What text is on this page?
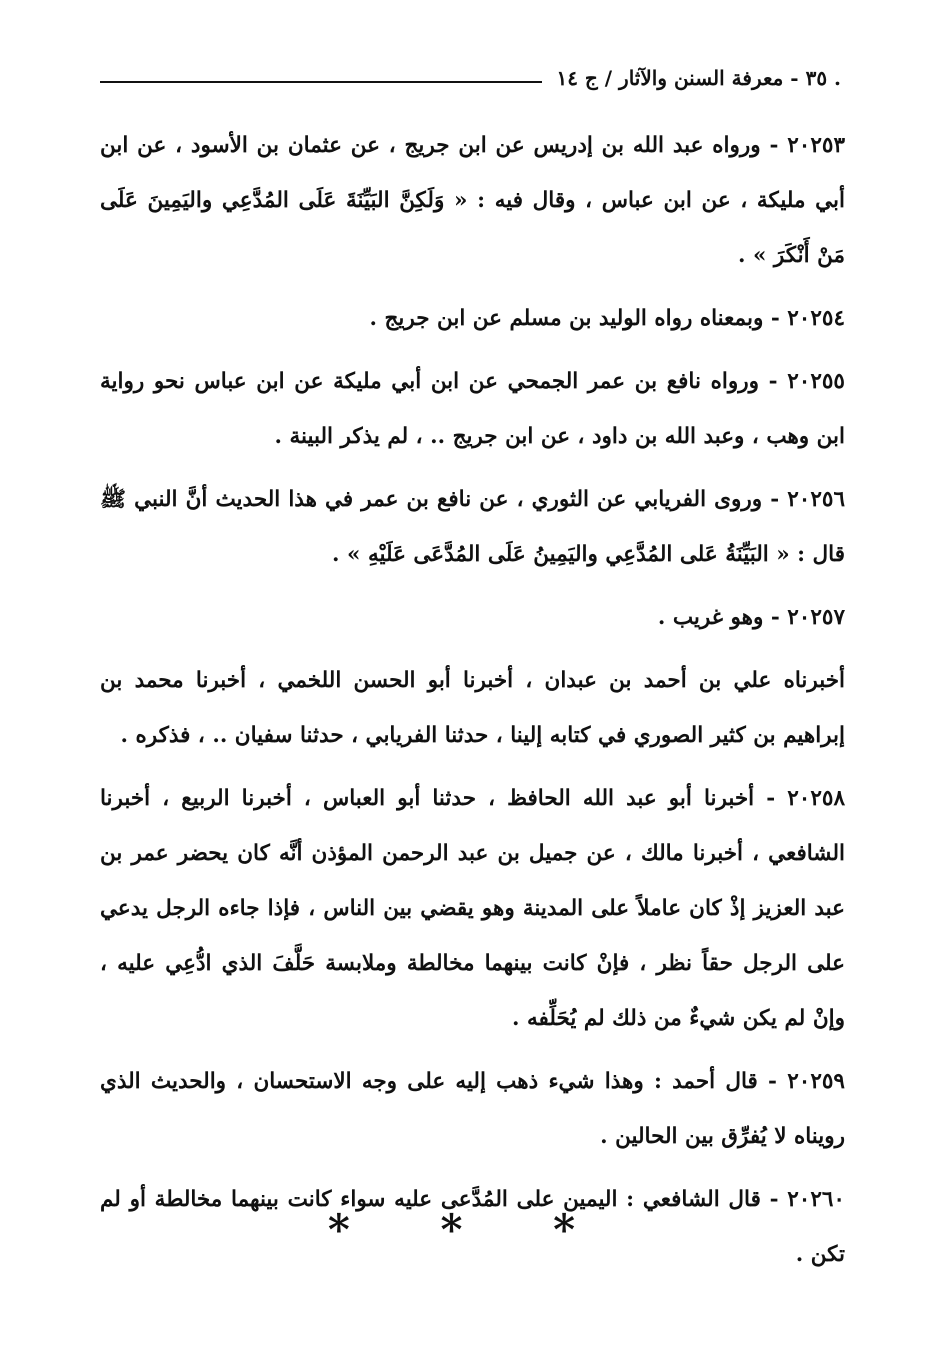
. ٣٥ - معرفة السنن والآثار / ج ١٤

٢٠٢٥٣ - ورواه عبد الله بن إدريس عن ابن جريج ، عن عثمان بن الأسود ، عن ابن أبي مليكة ، عن ابن عباس ، وقال فيه : « وَلَكِنَّ البَيِّنَةَ عَلَى المُدَّعِي واليَمِينَ عَلَى مَنْ أَنْكَرَ » .

٢٠٢٥٤ - وبمعناه رواه الوليد بن مسلم عن ابن جريج .

٢٠٢٥٥ - ورواه نافع بن عمر الجمحي عن ابن أبي مليكة عن ابن عباس نحو رواية ابن وهب ، وعبد الله بن داود ، عن ابن جريج .. ، لم يذكر البينة .

٢٠٢٥٦ - وروى الفريابي عن الثوري ، عن نافع بن عمر في هذا الحديث أنَّ النبي ﷺ قال : « البَيِّنَةُ عَلى المُدَّعِي واليَمِينُ عَلَى المُدَّعَى عَلَيْهِ » .

٢٠٢٥٧ - وهو غريب .

أخبرناه علي بن أحمد بن عبدان ، أخبرنا أبو الحسن اللخمي ، أخبرنا محمد بن إبراهيم بن كثير الصوري في كتابه إلينا ، حدثنا الفريابي ، حدثنا سفيان .. ، فذكره .

٢٠٢٥٨ - أخبرنا أبو عبد الله الحافظ ، حدثنا أبو العباس ، أخبرنا الربيع ، أخبرنا الشافعي ، أخبرنا مالك ، عن جميل بن عبد الرحمن المؤذن أنَّه كان يحضر عمر بن عبد العزيز إذْ كان عاملاً على المدينة وهو يقضي بين الناس ، فإذا جاءه الرجل يدعي على الرجل حقاً نظر ، فإنْ كانت بينهما مخالطة وملابسة حَلَّفَ الذي ادُّعِي عليه ، وإنْ لم يكن شيءٌ من ذلك لم يُحَلِّفه .

٢٠٢٥٩ - قال أحمد : وهذا شيء ذهب إليه على وجه الاستحسان ، والحديث الذي رويناه لا يُفرِّق بين الحالين .

٢٠٢٦٠ - قال الشافعي : اليمين على المُدَّعى عليه سواء كانت بينهما مخالطة أو لم تكن .

* * *
